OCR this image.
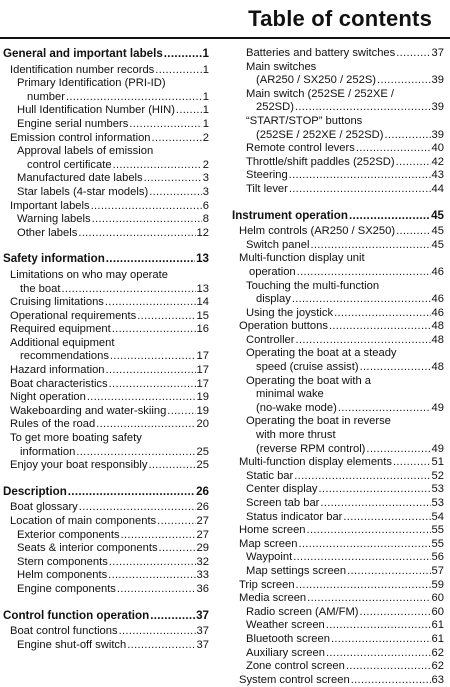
Table of contents
General and important labels .....	1
Identification number records .....	1
Primary Identification (PRI-ID)
number .....	1
Hull Identification Number (HIN) ..... 1
Engine serial numbers .....	1
Emission control information .....	2
Approval labels of emission
control certificate .....	2
Manufactured date labels .....	3
Star labels (4-star models) .....	3
Important labels .....	6
Warning labels .....	8
Other labels .....	12
Safety information .....	13
Limitations on who may operate
the boat .....	13
Cruising limitations .....	14
Operational requirements .....	15
Required equipment .....	16
Additional equipment
recommendations .....	17
Hazard information .....	17
Boat characteristics .....	17
Night operation .....	19
Wakeboarding and water-skiing .....	19
Rules of the road .....	20
To get more boating safety
information .....	25
Enjoy your boat responsibly .....	25
Description .....	26
Boat glossary .....	26
Location of main components .....	27
Exterior components .....	27
Seats & interior components .....	29
Stern components .....	32
Helm components .....	33
Engine components .....	36
Control function operation .....	37
Boat control functions .....	37
Engine shut-off switch .....	37
Batteries and battery switches .....	37
Main switches
(AR250 / SX250 / 252S) .....	39
Main switch (252SE / 252XE /
252SD) .....	39
“START/STOP” buttons
(252SE / 252XE / 252SD) .....	39
Remote control levers .....	40
Throttle/shift paddles (252SD) .....	42
Steering .....	43
Tilt lever .....	44
Instrument operation .....	45
Helm controls (AR250 / SX250) .....	45
Switch panel .....	45
Multi-function display unit
operation .....	46
Touching the multi-function
display .....	46
Using the joystick .....	46
Operation buttons .....	48
Controller .....	48
Operating the boat at a steady
speed (cruise assist) .....	48
Operating the boat with a
minimal wake
(no-wake mode) .....	49
Operating the boat in reverse
with more thrust
(reverse RPM control) .....	49
Multi-function display elements .....	51
Static bar .....	52
Center display .....	53
Screen tab bar .....	53
Status indicator bar .....	54
Home screen .....	55
Map screen .....	55
Waypoint .....	56
Map settings screen .....	57
Trip screen .....	59
Media screen .....	60
Radio screen (AM/FM) .....	60
Weather screen .....	61
Bluetooth screen .....	61
Auxiliary screen .....	62
Zone control screen .....	62
System control screen .....	63
